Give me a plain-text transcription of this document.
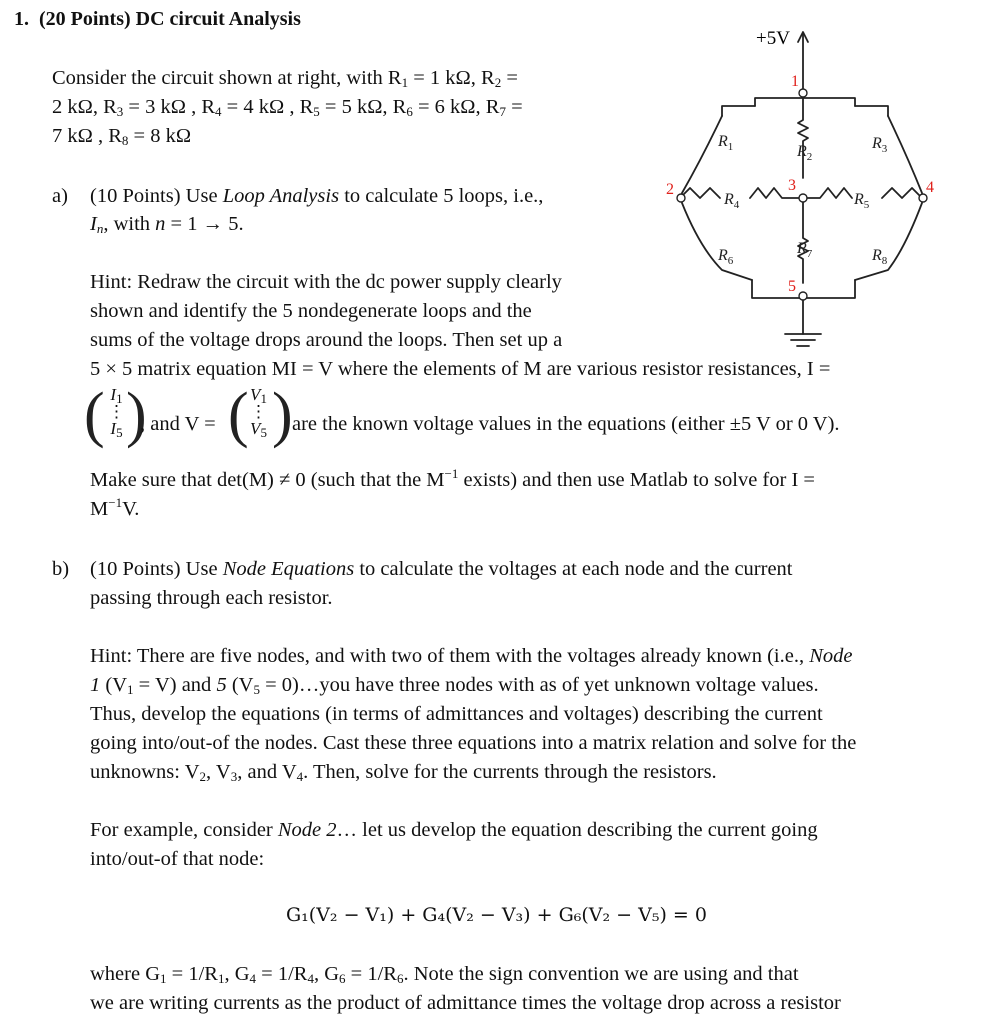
1. (20 Points) DC circuit Analysis
Consider the circuit shown at right, with $R_1 = 1$ kΩ, $R_2$ =
2 kΩ, $R_3 = 3$ kΩ , $R_4 = 4$ kΩ , $R_5 = 5$ kΩ, $R_6 = 6$ kΩ, $R_7$ =
7 kΩ , $R_8 = 8$ kΩ
a) (10 Points) Use Loop Analysis to calculate 5 loops, i.e.,
$I_n$, with n = 1 → 5.
Hint: Redraw the circuit with the dc power supply clearly
shown and identify the 5 nondegenerate loops and the
sums of the voltage drops around the loops. Then set up a
5 × 5 matrix equation MI = V where the elements of M are various resistor resistances, I =
( $I_1$
⋮
$I_5$ )
, and V = ( $V_1$
⋮
$V_5$ ) are the known voltage values in the equations (either ±5 V or 0 V).
Make sure that det(M) ≠ 0 (such that the $M^{-1}$ exists) and then use Matlab to solve for I =
$M^{-1}V$.
b) (10 Points) Use Node Equations to calculate the voltages at each node and the current
passing through each resistor.
Hint: There are five nodes, and with two of them with the voltages already known (i.e., Node
1 $(V_1 = V)$ and 5 ($V_5$ = 0)…you have three nodes with as of yet unknown voltage values.
Thus, develop the equations (in terms of admittances and voltages) describing the current
going into/out-of the nodes. Cast these three equations into a matrix relation and solve for the
unknowns: $V_2$, $V_3$, and $V_4$. Then, solve for the currents through the resistors.
For example, consider Node 2… let us develop the equation describing the current going
into/out-of that node:
G₁(V₂ − V₁) + G₄(V₂ − V₃) + G₆(V₂ − V₅) = 0
where $G_1 = 1/R_1$, $G_4 = 1/R_4$, $G_6 = 1/R_6$. Note the sign convention we are using and that
we are writing currents as the product of admittance times the voltage drop across a resistor
+5V
1
2	3	4
5
$R_1$	$R_2$
$R_3$
$R_4$	$R_5$
$R_6$
$R_7$	$R_8$
